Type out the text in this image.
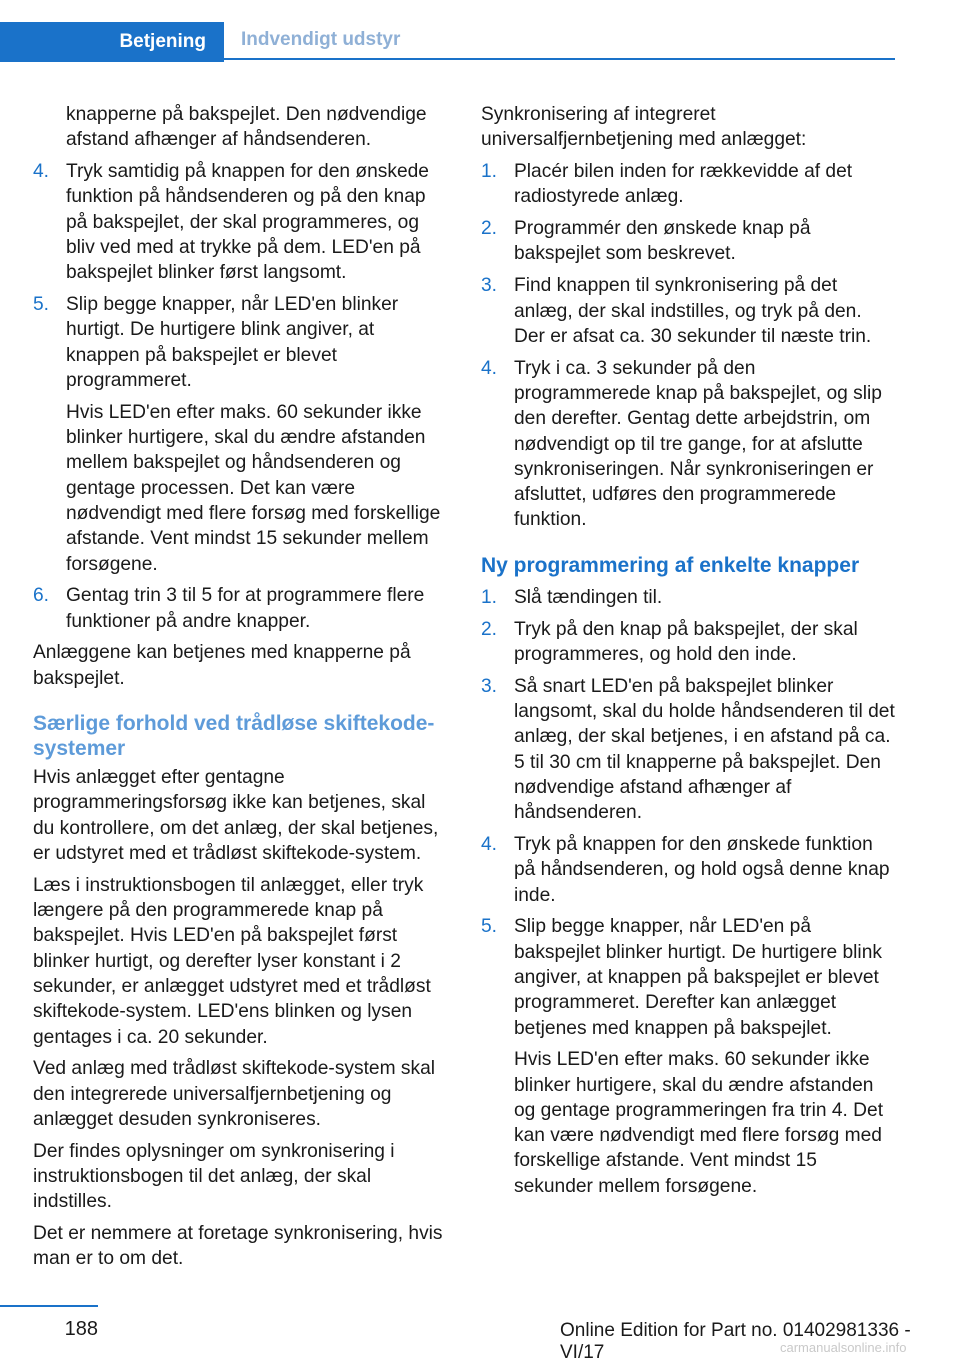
Betjening	Indvendigt udstyr

knapperne på bakspejlet. Den nødvendige afstand afhænger af håndsenderen.

4. Tryk samtidig på knappen for den ønskede funktion på håndsenderen og på den knap på bakspejlet, der skal programmeres, og bliv ved med at trykke på dem. LED'en på bakspejlet blinker først langsomt.

5. Slip begge knapper, når LED'en blinker hurtigt. De hurtigere blink angiver, at knappen på bakspejlet er blevet programmeret.

Hvis LED'en efter maks. 60 sekunder ikke blinker hurtigere, skal du ændre afstanden mellem bakspejlet og håndsenderen og gentage processen. Det kan være nødvendigt med flere forsøg med forskellige afstande. Vent mindst 15 sekunder mellem forsøgene.

6. Gentag trin 3 til 5 for at programmere flere funktioner på andre knapper.

Anlæggene kan betjenes med knapperne på bakspejlet.

Særlige forhold ved trådløse skiftekode-systemer

Hvis anlægget efter gentagne programmeringsforsøg ikke kan betjenes, skal du kontrollere, om det anlæg, der skal betjenes, er udstyret med et trådløst skiftekode-system.

Læs i instruktionsbogen til anlægget, eller tryk længere på den programmerede knap på bakspejlet. Hvis LED'en på bakspejlet først blinker hurtigt, og derefter lyser konstant i 2 sekunder, er anlægget udstyret med et trådløst skiftekode-system. LED'ens blinken og lysen gentages i ca. 20 sekunder.

Ved anlæg med trådløst skiftekode-system skal den integrerede universalfjernbetjening og anlægget desuden synkroniseres.

Der findes oplysninger om synkronisering i instruktionsbogen til det anlæg, der skal indstilles.

Det er nemmere at foretage synkronisering, hvis man er to om det.

Synkronisering af integreret universalfjernbetjening med anlægget:

1. Placér bilen inden for rækkevidde af det radiostyrede anlæg.

2. Programmér den ønskede knap på bakspejlet som beskrevet.

3. Find knappen til synkronisering på det anlæg, der skal indstilles, og tryk på den. Der er afsat ca. 30 sekunder til næste trin.

4. Tryk i ca. 3 sekunder på den programmerede knap på bakspejlet, og slip den derefter. Gentag dette arbejdstrin, om nødvendigt op til tre gange, for at afslutte synkroniseringen. Når synkroniseringen er afsluttet, udføres den programmerede funktion.

Ny programmering af enkelte knapper
1. Slå tændingen til.

2. Tryk på den knap på bakspejlet, der skal programmeres, og hold den inde.

3. Så snart LED'en på bakspejlet blinker langsomt, skal du holde håndsenderen til det anlæg, der skal betjenes, i en afstand på ca. 5 til 30 cm til knapperne på bakspejlet. Den nødvendige afstand afhænger af håndsenderen.

4. Tryk på knappen for den ønskede funktion på håndsenderen, og hold også denne knap inde.

5. Slip begge knapper, når LED'en på bakspejlet blinker hurtigt. De hurtigere blink angiver, at knappen på bakspejlet er blevet programmeret. Derefter kan anlægget betjenes med knappen på bakspejlet.

Hvis LED'en efter maks. 60 sekunder ikke blinker hurtigere, skal du ændre afstanden og gentage programmeringen fra trin 4. Det kan være nødvendigt med flere forsøg med forskellige afstande. Vent mindst 15 sekunder mellem forsøgene.

188	Online Edition for Part no. 01402981336 - VI/17	carmanualsonline.info
